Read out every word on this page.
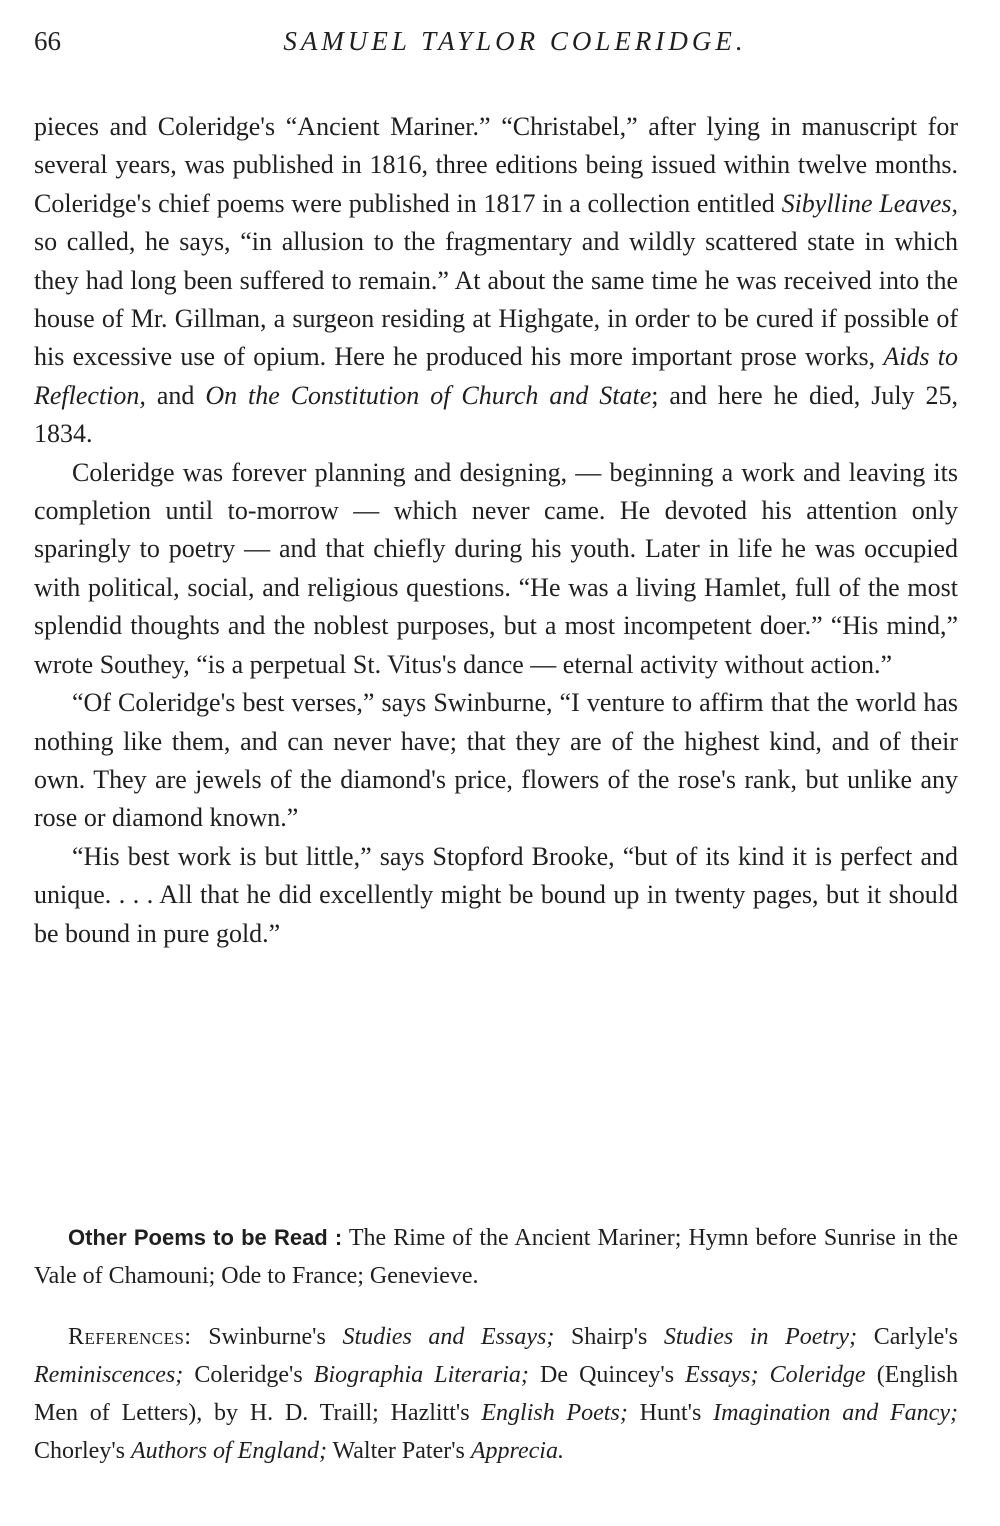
66	SAMUEL TAYLOR COLERIDGE.

pieces and Coleridge's “Ancient Mariner.” “Christabel,” after lying in manuscript for several years, was published in 1816, three editions being issued within twelve months. Coleridge's chief poems were published in 1817 in a collection entitled Sibylline Leaves, so called, he says, “in allusion to the fragmentary and wildly scattered state in which they had long been suffered to remain.” At about the same time he was received into the house of Mr. Gillman, a surgeon residing at Highgate, in order to be cured if possible of his excessive use of opium. Here he produced his more important prose works, Aids to Reflection, and On the Constitution of Church and State; and here he died, July 25, 1834.

Coleridge was forever planning and designing, — beginning a work and leaving its completion until to-morrow — which never came. He devoted his attention only sparingly to poetry — and that chiefly during his youth. Later in life he was occupied with political, social, and religious questions. “He was a living Hamlet, full of the most splendid thoughts and the noblest purposes, but a most incompetent doer.” “His mind,” wrote Southey, “is a perpetual St. Vitus's dance — eternal activity without action.”

“Of Coleridge's best verses,” says Swinburne, “I venture to affirm that the world has nothing like them, and can never have; that they are of the highest kind, and of their own. They are jewels of the diamond's price, flowers of the rose's rank, but unlike any rose or diamond known.”

“His best work is but little,” says Stopford Brooke, “but of its kind it is perfect and unique. . . . All that he did excellently might be bound up in twenty pages, but it should be bound in pure gold.”

Other Poems to be Read : The Rime of the Ancient Mariner; Hymn before Sunrise in the Vale of Chamouni; Ode to France; Genevieve.

References: Swinburne's Studies and Essays; Shairp's Studies in Poetry; Carlyle's Reminiscences; Coleridge's Biographia Literaria; De Quincey's Essays; Coleridge (English Men of Letters), by H. D. Traill; Hazlitt's English Poets; Hunt's Imagination and Fancy; Chorley's Authors of England; Walter Pater's Apprecia.
